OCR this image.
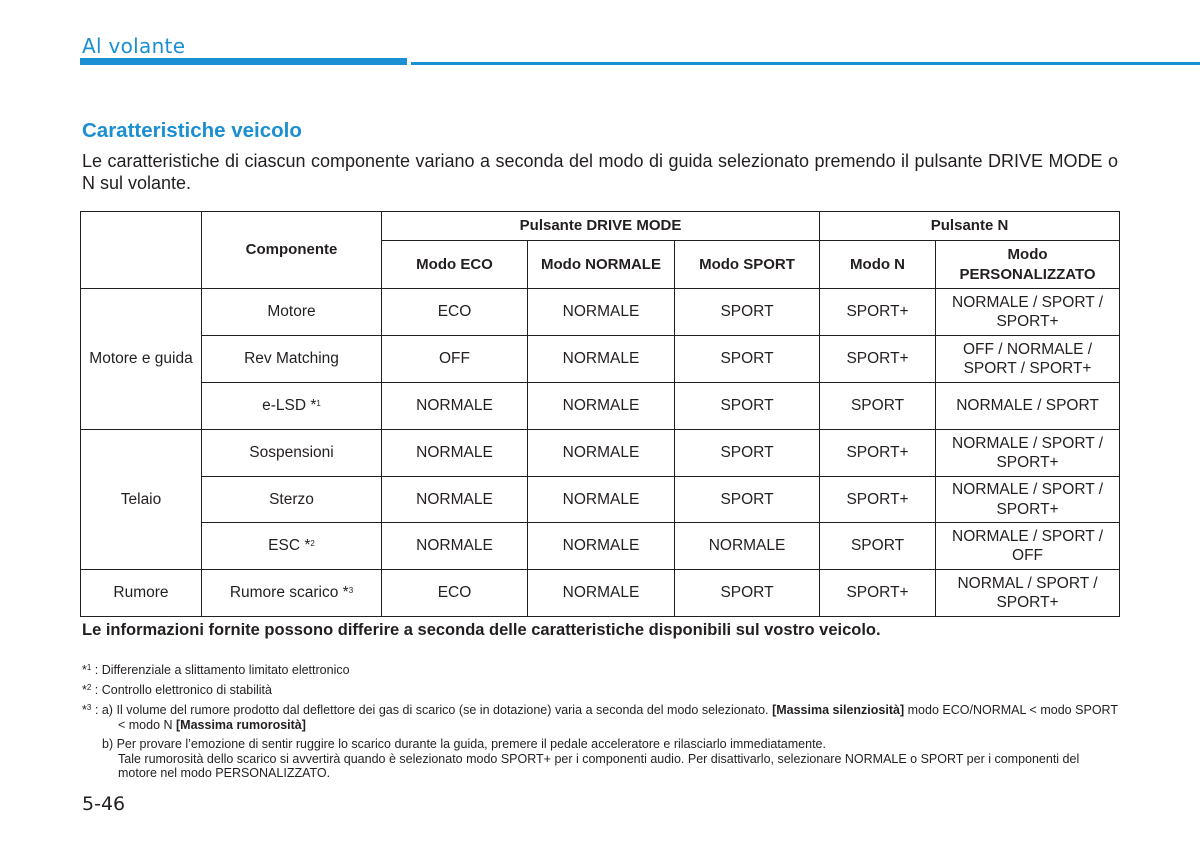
Al volante
Caratteristiche veicolo
Le caratteristiche di ciascun componente variano a seconda del modo di guida selezionato premendo il pulsante DRIVE MODE o N sul volante.
	Componente	Pulsante DRIVE MODE			Pulsante N	
		Modo ECO	Modo NORMALE	Modo SPORT	Modo N	Modo PERSONALIZZATO
Motore e guida	Motore	ECO	NORMALE	SPORT	SPORT+	NORMALE / SPORT / SPORT+
	Rev Matching	OFF	NORMALE	SPORT	SPORT+	OFF / NORMALE / SPORT / SPORT+
	e-LSD *$^1$	NORMALE	NORMALE	SPORT	SPORT	NORMALE / SPORT
Telaio	Sospensioni	NORMALE	NORMALE	SPORT	SPORT+	NORMALE / SPORT / SPORT+
	Sterzo	NORMALE	NORMALE	SPORT	SPORT+	NORMALE / SPORT / SPORT+
	ESC *$^2$	NORMALE	NORMALE	NORMALE	SPORT	NORMALE / SPORT / OFF
Rumore	Rumore scarico *$^3$	ECO	NORMALE	SPORT	SPORT+	NORMAL / SPORT / SPORT+
Le informazioni fornite possono differire a seconda delle caratteristiche disponibili sul vostro veicolo.
*$^1$ : Differenziale a slittamento limitato elettronico
*$^2$ : Controllo elettronico di stabilità
*$^3$ : a) Il volume del rumore prodotto dal deflettore dei gas di scarico (se in dotazione) varia a seconda del modo selezionato. [Massima silenziosità] modo ECO/NORMAL < modo SPORT < modo N [Massima rumorosità]
b) Per provare l’emozione di sentir ruggire lo scarico durante la guida, premere il pedale acceleratore e rilasciarlo immediatamente.
Tale rumorosità dello scarico si avvertirà quando è selezionato modo SPORT+ per i componenti audio. Per disattivarlo, selezionare NORMALE o SPORT per i componenti del motore nel modo PERSONALIZZATO.
5-46
